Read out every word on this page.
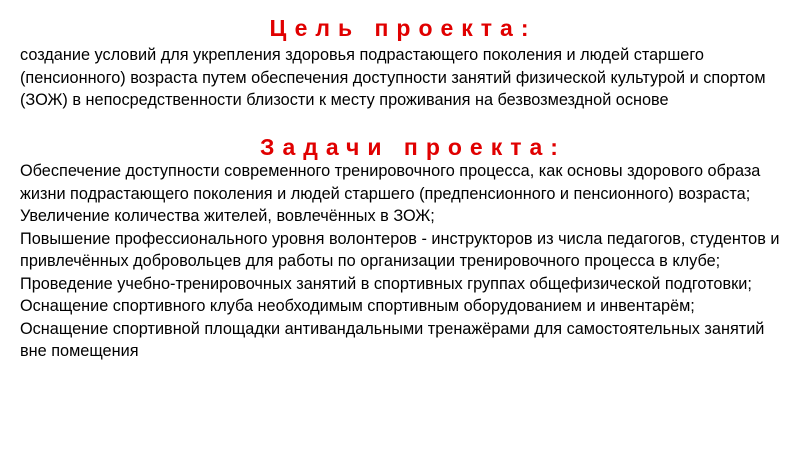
Цель проекта:

создание условий для укрепления здоровья подрастающего поколения и людей старшего (пенсионного) возраста путем обеспечения доступности занятий физической культурой и спортом (ЗОЖ) в непосредственности близости к месту проживания на безвозмездной основе

Задачи проекта:
Обеспечение доступности современного тренировочного процесса, как основы здорового образа жизни подрастающего поколения и людей старшего (предпенсионного и пенсионного) возраста;
Увеличение количества жителей, вовлечённых в ЗОЖ;
Повышение профессионального уровня волонтеров - инструкторов из числа педагогов, студентов и привлечённых добровольцев для работы по организации тренировочного процесса в клубе;
Проведение учебно-тренировочных занятий в спортивных группах общефизической подготовки;
Оснащение спортивного клуба необходимым спортивным оборудованием и инвентарём;
Оснащение спортивной площадки антивандальными тренажёрами для самостоятельных занятий вне помещения
